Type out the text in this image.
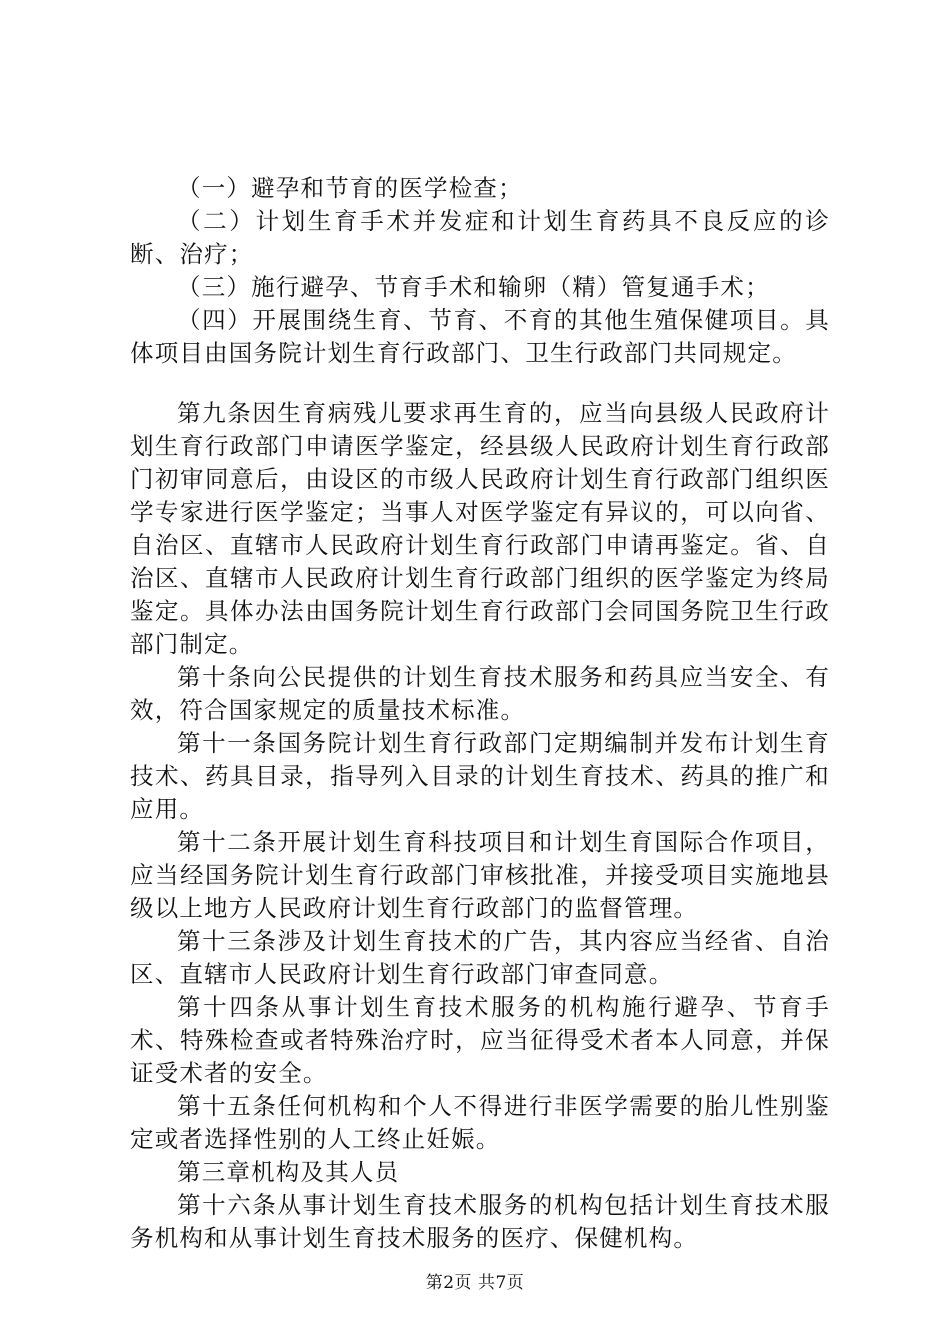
（一）避孕和节育的医学检查；

（二）计划生育手术并发症和计划生育药具不良反应的诊断、治疗；

（三）施行避孕、节育手术和输卵（精）管复通手术；

（四）开展围绕生育、节育、不育的其他生殖保健项目。具体项目由国务院计划生育行政部门、卫生行政部门共同规定。

第九条因生育病残儿要求再生育的，应当向县级人民政府计划生育行政部门申请医学鉴定，经县级人民政府计划生育行政部门初审同意后，由设区的市级人民政府计划生育行政部门组织医学专家进行医学鉴定；当事人对医学鉴定有异议的，可以向省、自治区、直辖市人民政府计划生育行政部门申请再鉴定。省、自治区、直辖市人民政府计划生育行政部门组织的医学鉴定为终局鉴定。具体办法由国务院计划生育行政部门会同国务院卫生行政部门制定。

第十条向公民提供的计划生育技术服务和药具应当安全、有效，符合国家规定的质量技术标准。

第十一条国务院计划生育行政部门定期编制并发布计划生育技术、药具目录，指导列入目录的计划生育技术、药具的推广和应用。

第十二条开展计划生育科技项目和计划生育国际合作项目，应当经国务院计划生育行政部门审核批准，并接受项目实施地县级以上地方人民政府计划生育行政部门的监督管理。

第十三条涉及计划生育技术的广告，其内容应当经省、自治区、直辖市人民政府计划生育行政部门审查同意。

第十四条从事计划生育技术服务的机构施行避孕、节育手术、特殊检查或者特殊治疗时，应当征得受术者本人同意，并保证受术者的安全。

第十五条任何机构和个人不得进行非医学需要的胎儿性别鉴定或者选择性别的人工终止妊娠。

第三章机构及其人员

第十六条从事计划生育技术服务的机构包括计划生育技术服务机构和从事计划生育技术服务的医疗、保健机构。

第2页 共7页
